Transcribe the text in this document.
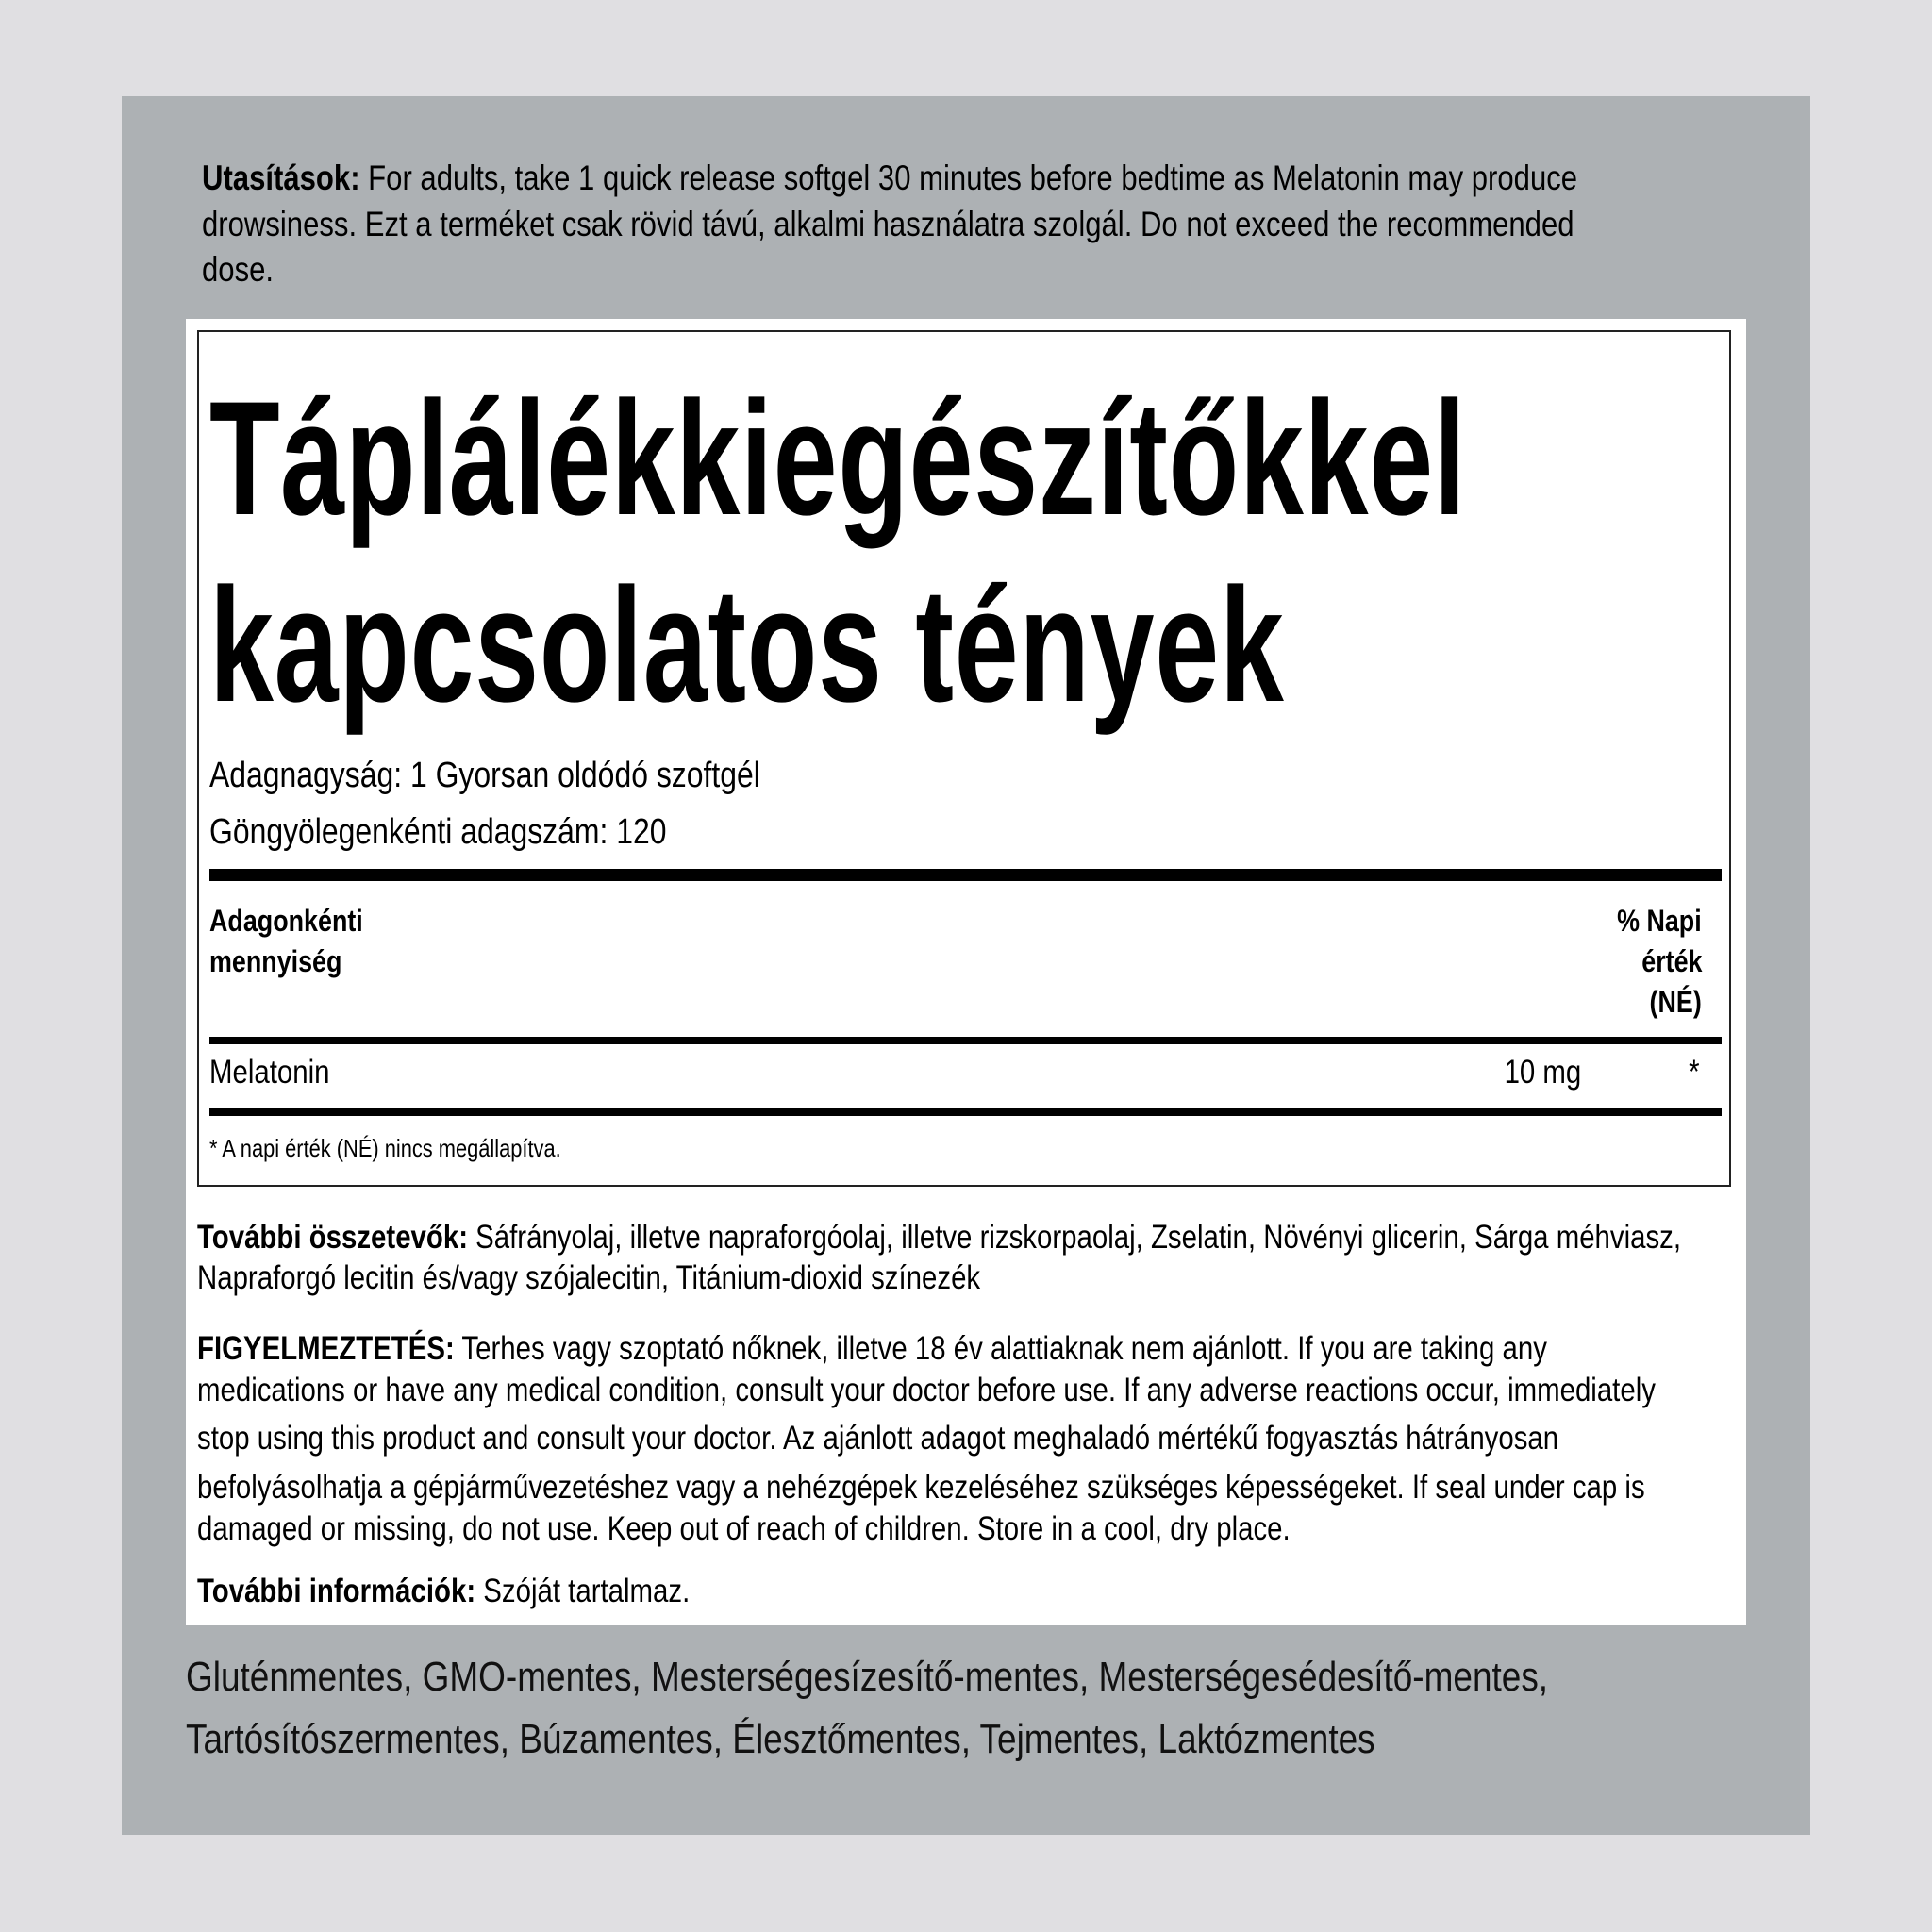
Utasítások: For adults, take 1 quick release softgel 30 minutes before bedtime as Melatonin may produce
drowsiness. Ezt a terméket csak rövid távú, alkalmi használatra szolgál. Do not exceed the recommended
dose.
Táplálékkiegészítőkkel
kapcsolatos tények
Adagnagyság: 1 Gyorsan oldódó szoftgél
Göngyölegenkénti adagszám: 120
Adagonkénti
mennyiség
% Napi
érték
(NÉ)
Melatonin	10 mg	*
* A napi érték (NÉ) nincs megállapítva.
További összetevők: Sáfrányolaj, illetve napraforgóolaj, illetve rizskorpaolaj, Zselatin, Növényi glicerin, Sárga méhviasz,
Napraforgó lecitin és/vagy szójalecitin, Titánium-dioxid színezék
FIGYELMEZTETÉS: Terhes vagy szoptató nőknek, illetve 18 év alattiaknak nem ajánlott. If you are taking any
medications or have any medical condition, consult your doctor before use. If any adverse reactions occur, immediately
stop using this product and consult your doctor. Az ajánlott adagot meghaladó mértékű fogyasztás hátrányosan
befolyásolhatja a gépjárművezetéshez vagy a nehézgépek kezeléséhez szükséges képességeket. If seal under cap is
damaged or missing, do not use. Keep out of reach of children. Store in a cool, dry place.
További információk: Szóját tartalmaz.
Gluténmentes, GMO-mentes, Mesterségesízesítő-mentes, Mesterségesédesítő-mentes,
Tartósítószermentes, Búzamentes, Élesztőmentes, Tejmentes, Laktózmentes
